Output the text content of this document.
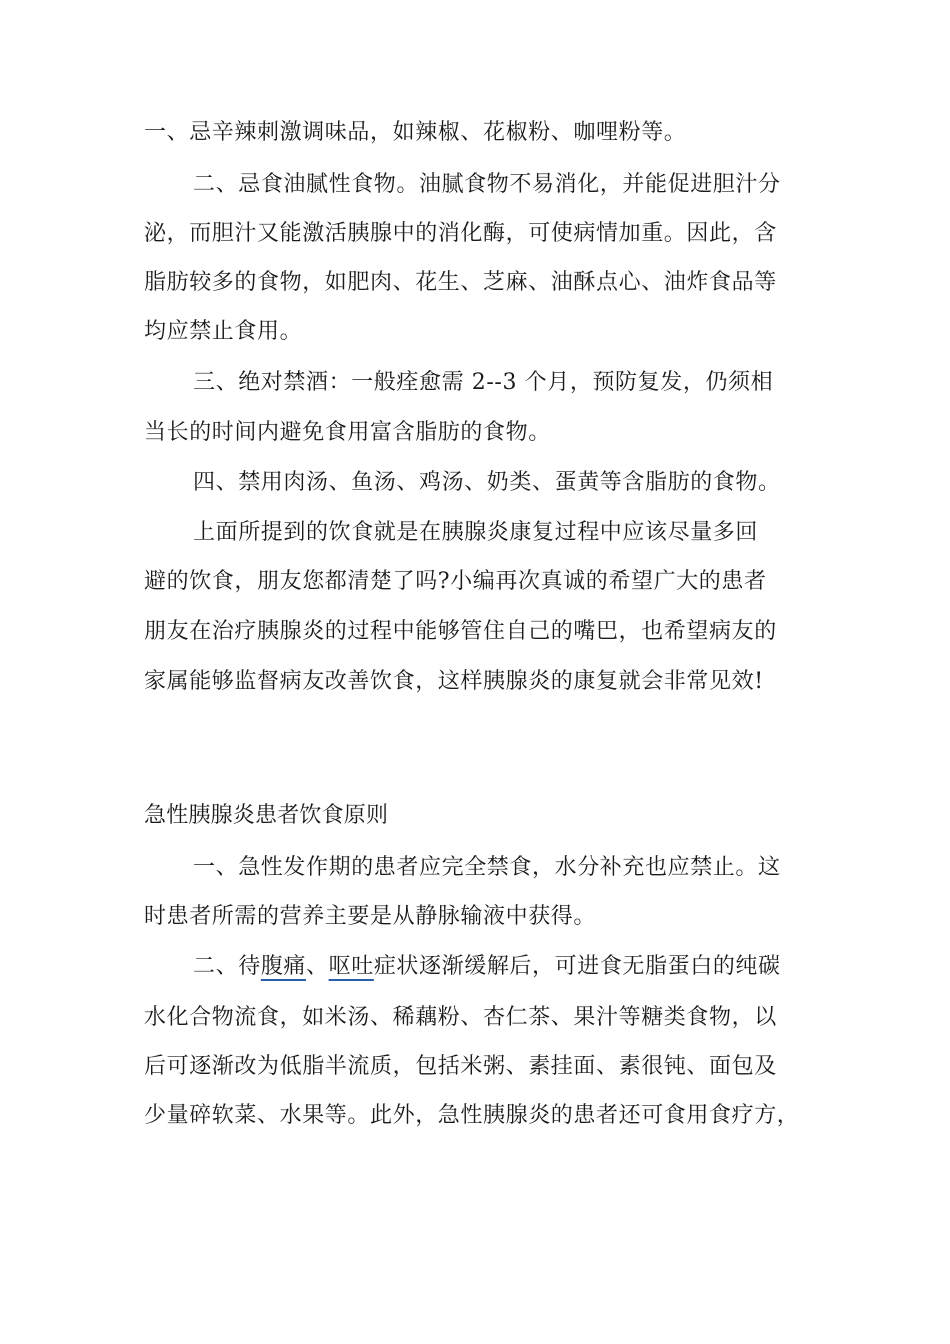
一、忌辛辣刺激调味品，如辣椒、花椒粉、咖哩粉等。
二、忌食油腻性食物。油腻食物不易消化，并能促进胆汁分
泌，而胆汁又能激活胰腺中的消化酶，可使病情加重。因此，含
脂肪较多的食物，如肥肉、花生、芝麻、油酥点心、油炸食品等
均应禁止食用。
三、绝对禁酒：一般痊愈需 2--3 个月，预防复发，仍须相
当长的时间内避免食用富含脂肪的食物。
四、禁用肉汤、鱼汤、鸡汤、奶类、蛋黄等含脂肪的食物。
上面所提到的饮食就是在胰腺炎康复过程中应该尽量多回
避的饮食，朋友您都清楚了吗?小编再次真诚的希望广大的患者
朋友在治疗胰腺炎的过程中能够管住自己的嘴巴，也希望病友的
家属能够监督病友改善饮食，这样胰腺炎的康复就会非常见效!
急性胰腺炎患者饮食原则
一、急性发作期的患者应完全禁食，水分补充也应禁止。这
时患者所需的营养主要是从静脉输液中获得。
二、待腹痛、呕吐症状逐渐缓解后，可进食无脂蛋白的纯碳
水化合物流食，如米汤、稀藕粉、杏仁茶、果汁等糖类食物，以
后可逐渐改为低脂半流质，包括米粥、素挂面、素很钝、面包及
少量碎软菜、水果等。此外，急性胰腺炎的患者还可食用食疗方，
